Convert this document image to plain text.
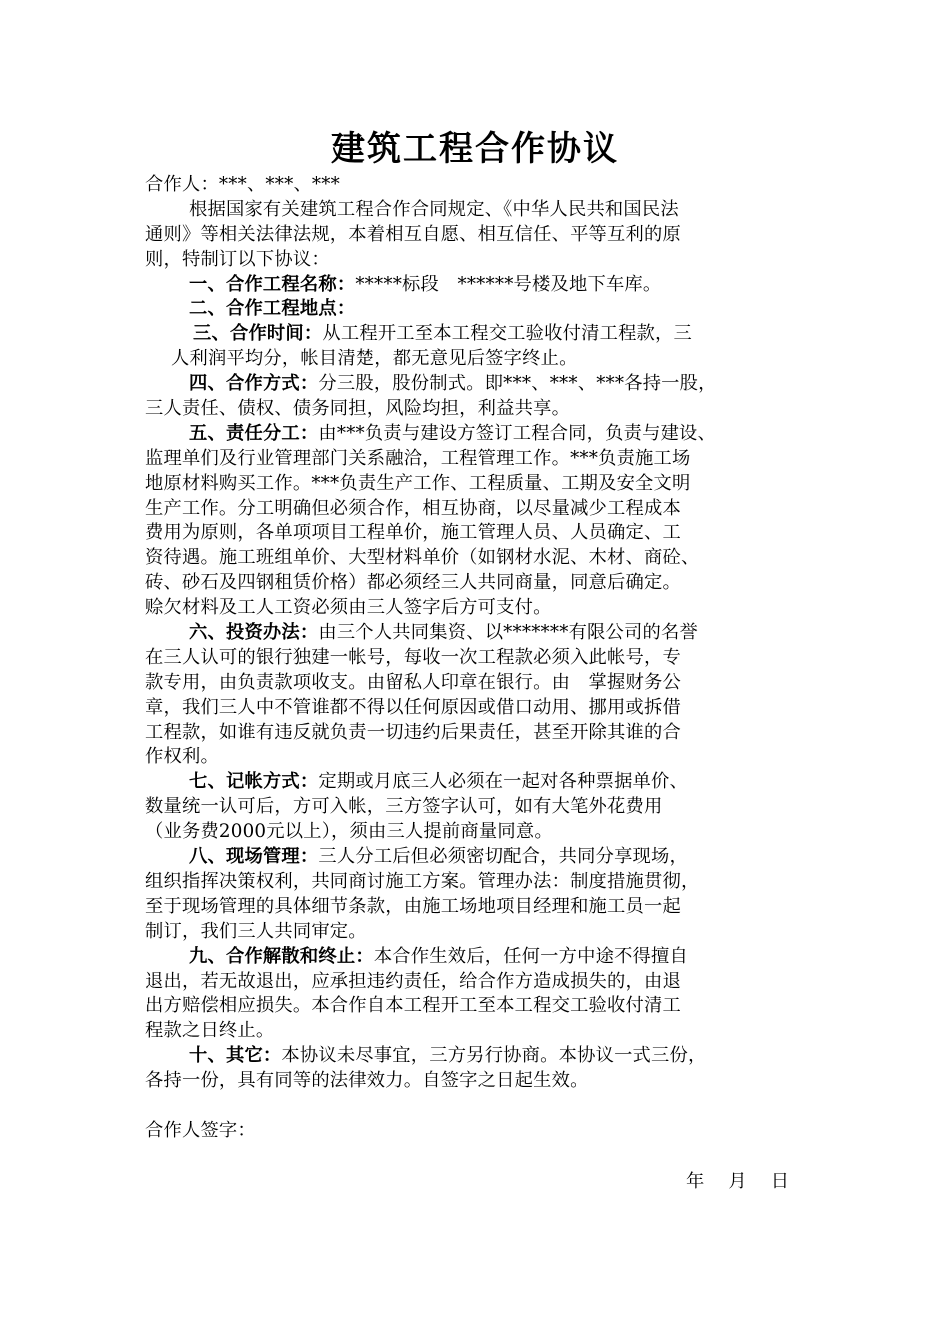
建筑工程合作协议
合作人：***、***、***
根据国家有关建筑工程合作合同规定、《中华人民共和国民法
通则》等相关法律法规，本着相互自愿、相互信任、平等互利的原
则，特制订以下协议：
一、合作工程名称：*****标段　******号楼及地下车库。
二、合作工程地点：
三、合作时间：从工程开工至本工程交工验收付清工程款，三
人利润平均分，帐目清楚，都无意见后签字终止。
四、合作方式：分三股，股份制式。即***、***、***各持一股，
三人责任、债权、债务同担，风险均担，利益共享。
五、责任分工：由***负责与建设方签订工程合同，负责与建设、
监理单们及行业管理部门关系融洽，工程管理工作。***负责施工场
地原材料购买工作。***负责生产工作、工程质量、工期及安全文明
生产工作。分工明确但必须合作，相互协商，以尽量减少工程成本
费用为原则，各单项项目工程单价，施工管理人员、人员确定、工
资待遇。施工班组单价、大型材料单价（如钢材水泥、木材、商砼、
砖、砂石及四钢租赁价格）都必须经三人共同商量，同意后确定。
赊欠材料及工人工资必须由三人签字后方可支付。
六、投资办法：由三个人共同集资、以*******有限公司的名誉
在三人认可的银行独建一帐号，每收一次工程款必须入此帐号，专
款专用，由负责款项收支。由留私人印章在银行。由　掌握财务公
章，我们三人中不管谁都不得以任何原因或借口动用、挪用或拆借
工程款，如谁有违反就负责一切违约后果责任，甚至开除其谁的合
作权利。
七、记帐方式：定期或月底三人必须在一起对各种票据单价、
数量统一认可后，方可入帐，三方签字认可，如有大笔外花费用
（业务费2000元以上），须由三人提前商量同意。
八、现场管理：三人分工后但必须密切配合，共同分享现场，
组织指挥决策权利，共同商讨施工方案。管理办法：制度措施贯彻，
至于现场管理的具体细节条款，由施工场地项目经理和施工员一起
制订，我们三人共同审定。
九、合作解散和终止：本合作生效后，任何一方中途不得擅自
退出，若无故退出，应承担违约责任，给合作方造成损失的，由退
出方赔偿相应损失。本合作自本工程开工至本工程交工验收付清工
程款之日终止。
十、其它：本协议未尽事宜，三方另行协商。本协议一式三份，
各持一份，具有同等的法律效力。自签字之日起生效。
合作人签字：
年　 月　 日
